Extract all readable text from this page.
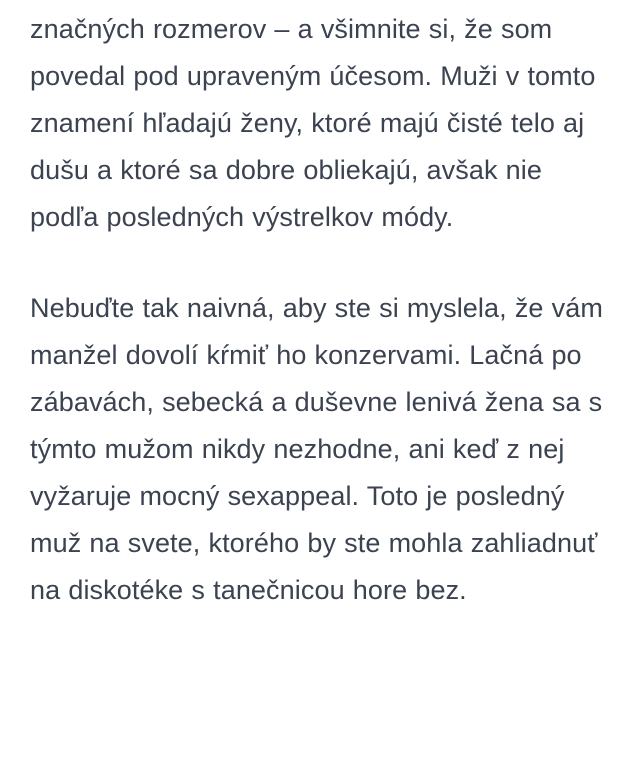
značných rozmerov – a všimnite si, že som povedal pod upraveným účesom. Muži v tomto znamení hľadajú ženy, ktoré majú čisté telo aj dušu a ktoré sa dobre obliekajú, avšak nie podľa posledných výstrelkov módy.

Nebuďte tak naivná, aby ste si myslela, že vám manžel dovolí kŕmiť ho konzervami. Lačná po zábavách, sebecká a duševne lenivá žena sa s týmto mužom nikdy nezhodne, ani keď z nej vyžaruje mocný sexappeal. Toto je posledný muž na svete, ktorého by ste mohla zahliadnuť na diskotéke s tanečnicou hore bez.
